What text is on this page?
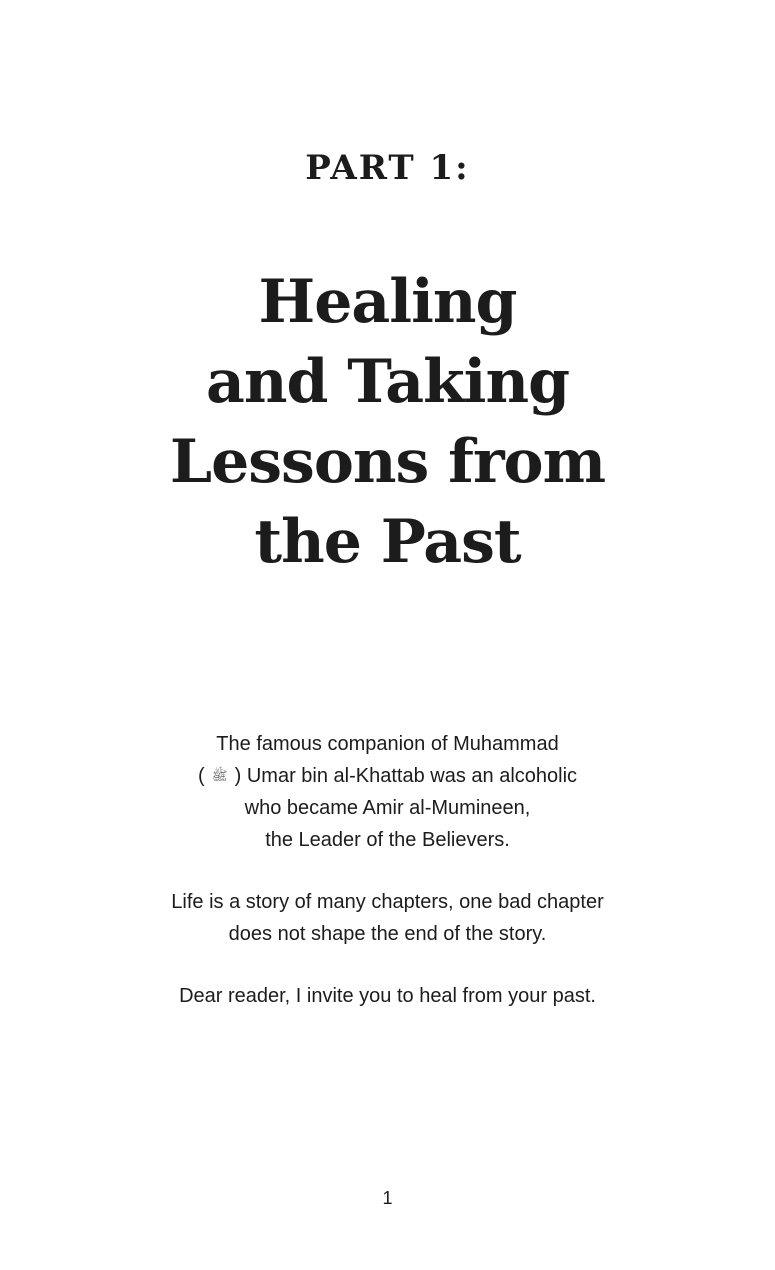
PART 1:
Healing
and Taking
Lessons from
the Past

The famous companion of Muhammad
( ﷺ ) Umar bin al-Khattab was an alcoholic
who became Amir al-Mumineen,
the Leader of the Believers.

Life is a story of many chapters, one bad chapter
does not shape the end of the story.

Dear reader, I invite you to heal from your past.

1
